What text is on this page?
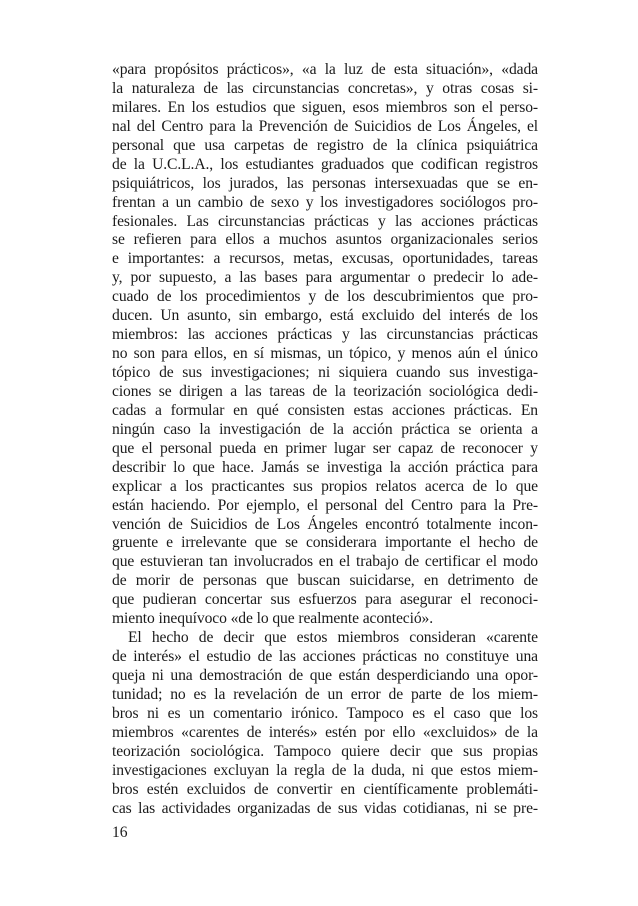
«para propósitos prácticos», «a la luz de esta situación», «dada
la naturaleza de las circunstancias concretas», y otras cosas si-
milares. En los estudios que siguen, esos miembros son el perso-
nal del Centro para la Prevención de Suicidios de Los Ángeles, el
personal que usa carpetas de registro de la clínica psiquiátrica
de la U.C.L.A., los estudiantes graduados que codifican registros
psiquiátricos, los jurados, las personas intersexuadas que se en-
frentan a un cambio de sexo y los investigadores sociólogos pro-
fesionales. Las circunstancias prácticas y las acciones prácticas
se refieren para ellos a muchos asuntos organizacionales serios
e importantes: a recursos, metas, excusas, oportunidades, tareas
y, por supuesto, a las bases para argumentar o predecir lo ade-
cuado de los procedimientos y de los descubrimientos que pro-
ducen. Un asunto, sin embargo, está excluido del interés de los
miembros: las acciones prácticas y las circunstancias prácticas
no son para ellos, en sí mismas, un tópico, y menos aún el único
tópico de sus investigaciones; ni siquiera cuando sus investiga-
ciones se dirigen a las tareas de la teorización sociológica dedi-
cadas a formular en qué consisten estas acciones prácticas. En
ningún caso la investigación de la acción práctica se orienta a
que el personal pueda en primer lugar ser capaz de reconocer y
describir lo que hace. Jamás se investiga la acción práctica para
explicar a los practicantes sus propios relatos acerca de lo que
están haciendo. Por ejemplo, el personal del Centro para la Pre-
vención de Suicidios de Los Ángeles encontró totalmente incon-
gruente e irrelevante que se considerara importante el hecho de
que estuvieran tan involucrados en el trabajo de certificar el modo
de morir de personas que buscan suicidarse, en detrimento de
que pudieran concertar sus esfuerzos para asegurar el reconoci-
miento inequívoco «de lo que realmente aconteció».
El hecho de decir que estos miembros consideran «carente
de interés» el estudio de las acciones prácticas no constituye una
queja ni una demostración de que están desperdiciando una opor-
tunidad; no es la revelación de un error de parte de los miem-
bros ni es un comentario irónico. Tampoco es el caso que los
miembros «carentes de interés» estén por ello «excluidos» de la
teorización sociológica. Tampoco quiere decir que sus propias
investigaciones excluyan la regla de la duda, ni que estos miem-
bros estén excluidos de convertir en científicamente problemáti-
cas las actividades organizadas de sus vidas cotidianas, ni se pre-
16
